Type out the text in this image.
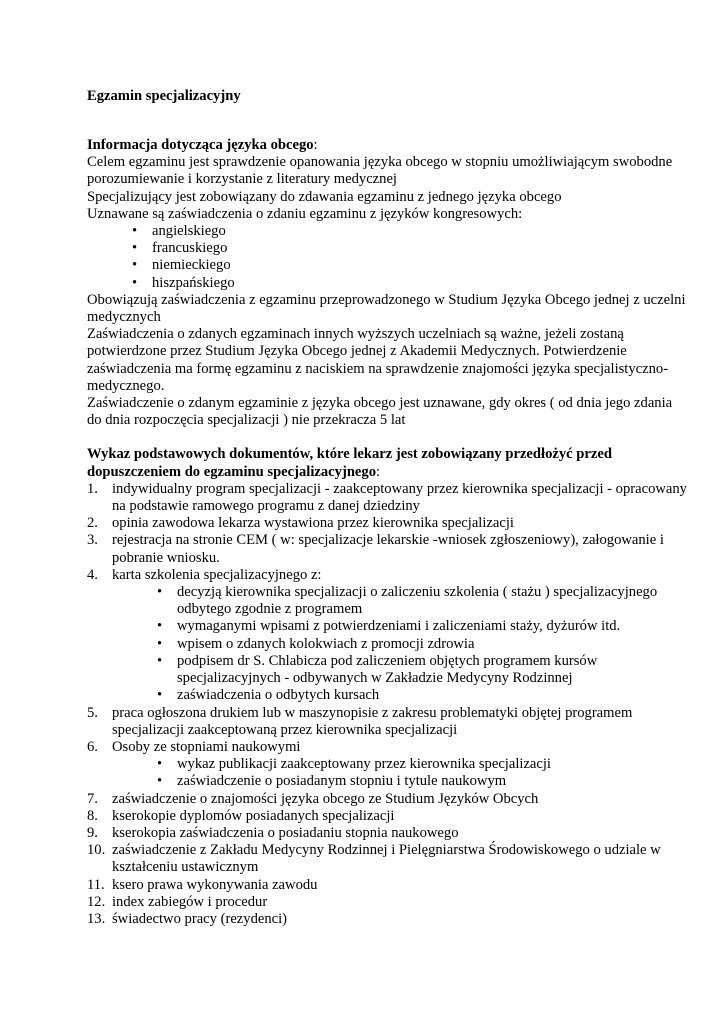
Egzamin specjalizacyjny

Informacja dotycząca języka obcego:

Celem egzaminu jest sprawdzenie opanowania języka obcego w stopniu umożliwiającym swobodne porozumiewanie i korzystanie z literatury medycznej

Specjalizujący jest zobowiązany do zdawania egzaminu z jednego języka obcego

Uznawane są zaświadczenia o zdaniu egzaminu z języków kongresowych:

• angielskiego
• francuskiego
• niemieckiego
• hiszpańskiego

Obowiązują zaświadczenia z egzaminu przeprowadzonego w Studium Języka Obcego jednej z uczelni medycznych

Zaświadczenia o zdanych egzaminach innych wyższych uczelniach są ważne, jeżeli zostaną potwierdzone przez Studium Języka Obcego jednej z Akademii Medycznych. Potwierdzenie zaświadczenia ma formę egzaminu z naciskiem na sprawdzenie znajomości języka specjalistyczno-medycznego.

Zaświadczenie o zdanym egzaminie z języka obcego jest uznawane, gdy okres ( od dnia jego zdania do dnia rozpoczęcia specjalizacji ) nie przekracza 5 lat

Wykaz podstawowych dokumentów, które lekarz jest zobowiązany przedłożyć przed dopuszczeniem do egzaminu specjalizacyjnego:

1. indywidualny program specjalizacji - zaakceptowany przez kierownika specjalizacji - opracowany na podstawie ramowego programu z danej dziedziny
2. opinia zawodowa lekarza wystawiona przez kierownika specjalizacji
3. rejestracja na stronie CEM ( w: specjalizacje lekarskie -wniosek zgłoszeniowy), załogowanie i pobranie wniosku.
4. karta szkolenia specjalizacyjnego z:
• decyzją kierownika specjalizacji o zaliczeniu szkolenia ( stażu ) specjalizacyjnego odbytego zgodnie z programem
• wymaganymi wpisami z potwierdzeniami i zaliczeniami staży, dyżurów itd.
• wpisem o zdanych kolokwiach z promocji zdrowia
• podpisem dr S. Chlabicza pod zaliczeniem objętych programem kursów specjalizacyjnych - odbywanych w Zakładzie Medycyny Rodzinnej
• zaświadczenia o odbytych kursach
5. praca ogłoszona drukiem lub w maszynopisie z zakresu problematyki objętej programem specjalizacji zaakceptowaną przez kierownika specjalizacji
6. Osoby ze stopniami naukowymi
• wykaz publikacji zaakceptowany przez kierownika specjalizacji
• zaświadczenie o posiadanym stopniu i tytule naukowym
7. zaświadczenie o znajomości języka obcego ze Studium Języków Obcych
8. kserokopie dyplomów posiadanych specjalizacji
9. kserokopia zaświadczenia o posiadaniu stopnia naukowego
10. zaświadczenie z Zakładu Medycyny Rodzinnej i Pielęgniarstwa Środowiskowego o udziale w kształceniu ustawicznym
11. ksero prawa wykonywania zawodu
12. index zabiegów i procedur
13. świadectwo pracy (rezydenci)
